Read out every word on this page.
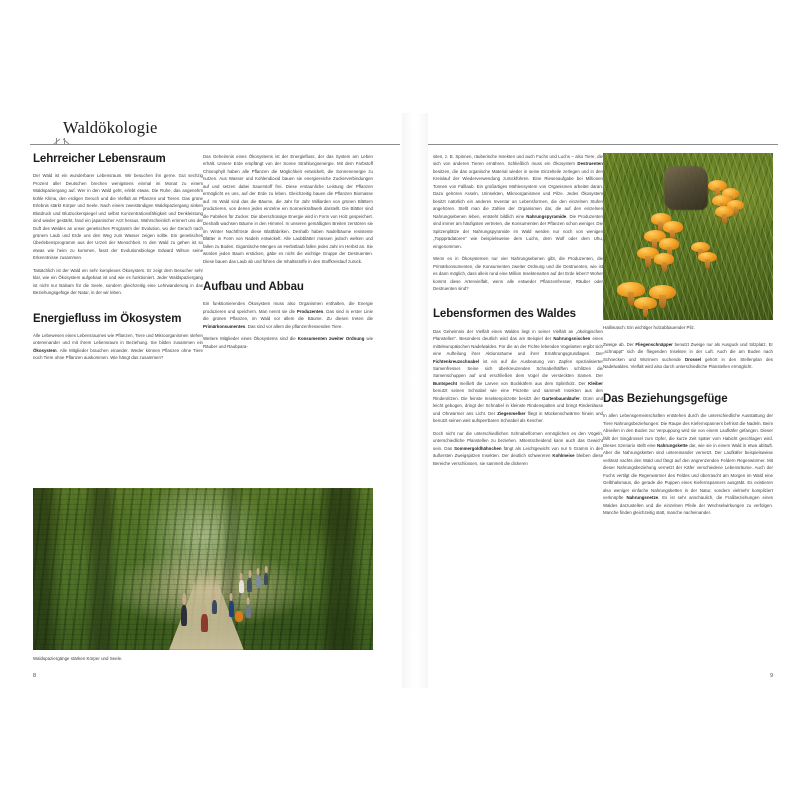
Waldökologie
Lehrreicher Lebensraum

Der Wald ist ein wunderbarer Lebensraum. Wir besuchen ihn gerne. Gut sechzig Prozent aller Deutschen brechen wenigstens einmal im Monat zu einem Waldspaziergang auf. Wer in den Wald geht, erlebt etwas. Die Ruhe, das angenehm kühle Klima, den erdigen Geruch und die Vielfalt an Pflanzen und Tieren. Das grüne Erlebnis stärkt Körper und Seele. Nach einem zweistündigen Waldspaziergang sinken Blutdruck und Blutzuckerspiegel und selbst Konzentrationsfähigkeit und Denkleistung sind wieder gestärkt, fand ein japanischer Arzt heraus. Wahrscheinlich erinnert uns der Duft des Waldes an unser genetisches Programm der Evolution, wo der Geruch nach grünem Laub und Erde uns den Weg zum Wasser zeigen sollte. Ein genetisches Überlebensprogramm aus der Urzeit der Menschheit. In den Wald zu gehen ist so etwas wie heim zu kommen, fasst der Evolutionsbiologe Edward Wilson seine Erkenntnisse zusammen.

Tatsächlich ist der Wald ein sehr komplexes Ökosystem. Er zeigt dem Besucher sehr klar, wie ein Ökosystem aufgebaut ist und wie es funktioniert. Jeder Waldspaziergang ist nicht nur Balsam für die Seele, sondern gleichzeitig eine Lehrwanderung in das Beziehungsgefüge der Natur, in der wir leben.

Energiefluss im Ökosystem

Alle Lebewesen eines Lebensraumes wie Pflanzen, Tiere und Mikroorganismen stehen untereinander und mit ihrem Lebensraum in Beziehung. Sie bilden zusammen ein Ökosystem. Alle Mitglieder brauchen einander. Weder können Pflanzen ohne Tiere noch Tiere ohne Pflanzen auskommen. Wie hängt das zusammen?

Das Geheimnis eines Ökosystems ist der Energiefluss, der das System am Leben erhält. Unsere Erde empfängt von der Sonne Strahlungsenergie. Mit dem Farbstoff Chlorophyll haben alle Pflanzen die Möglichkeit entwickelt, die Sonnenenergie zu nutzen. Aus Wasser und Kohlendioxid bauen sie energiereiche Zuckerverbindungen auf und setzen dabei Sauerstoff frei. Diese erstaunliche Leistung der Pflanzen ermöglicht es uns, auf der Erde zu leben. Gleichzeitig bauen die Pflanzen Biomasse auf. Im Wald sind das die Bäume, die Jahr für Jahr Milliarden von grünen Blättern produzieren, von denen jedes einzelne ein Sonnenkraftwerk darstellt. Die Blätter sind die Fabriken für Zucker. Die überschüssige Energie wird in Form von Holz gespeichert. Deshalb wachsen Bäume in den Himmel. In unseren gemäßigten Breiten zerstören sie im Winter Nachtfröste diese Blattfabriken. Deshalb haben Nadelbäume resistente Blätter in Form von Nadeln entwickelt. Alle Laubblätter müssen jedoch welken und fallen zu Boden. Gigantische Mengen an Herbstlaub fallen jedes Jahr im Herbst an. Sie würden jeden Baum ersticken, gäbe es nicht die wichtige Gruppe der Destruenten. Diese bauen das Laub ab und führen die Inhaltsstoffe in den Stoffkreislauf zurück.

Aufbau und Abbau

Ein funktionierendes Ökosystem muss also Organismen enthalten, die Energie produzieren und speichern. Man nennt sie die Produzenten. Das sind in erster Linie die grünen Pflanzen, im Wald vor allem die Bäume. Zu diesen treten die Primärkonsumenten. Das sind vor allem die pflanzenfressenden Tiere.

Weitere Mitglieder eines Ökosystems sind die Konsumenten zweiter Ordnung wie Räuber und Raubpara-

siten, z. B. Spinnen, räuberische Insekten und auch Fuchs und Luchs – also Tiere, die sich von anderen Tieren ernähren. Schließlich muss ein Ökosystem Destruenten besitzen, die das organische Material wieder in seine Einzelteile zerlegen und in den Kreislauf der Wiederverwendung zurückführen. Eine Riesenaufgabe bei Millionen Tonnen von Falllaub. Ein großartiges Mühlensystem von Organismen arbeitet daran. Dazu gehören Asseln, Urinsekten, Mikroorganismen und Pilze. Jedes Ökosystem besitzt natürlich ein anderes Inventar an Lebensformen, die den einzelnen Stufen angehören. Stellt man die Zahlen der Organismen dar, die auf den einzelnen Nahrungsebenen leben, entsteht bildlich eine Nahrungspyramide. Die Produzenten sind immer am häufigsten vertreten, die Konsumenten der Pflanzen schon weniger. Die Spitzenplätze der Nahrungspyramide im Wald werden nur noch von wenigen „Toppprädatoren“ wie beispielsweise dem Luchs, dem Wolf oder dem Uhu, eingenommen.

Wenn es in Ökosystemen nur vier Nahrungsebenen gibt, die Produzenten, die Primärkonsumenten, die Konsumenten zweiter Ordnung und die Destruenten, wie ist es dann möglich, dass allein rund eine Million Insektenarten auf der Erde leben? Woher kommt diese Artenvielfalt, wenn alle entweder Pflanzenfresser, Räuber oder Destruenten sind?

Lebensformen des Waldes

Das Geheimnis der Vielfalt eines Waldes liegt in seiner Vielfalt an „ökologischen Planstellen“. Besonders deutlich wird das am Beispiel der Nahrungsnischen eines mitteleuropäischen Nadelwaldes. Für die an der Fichte lebenden Vogelarten ergibt sich eine Aufteilung ihrer Aktionsräume und ihrer Ernährungsgrundlagen. Der Fichtenkreuzschnabel ist ein auf die Ausbeutung von Zapfen spezialisierter Samenfresser. Seine sich überkreuzenden Schnabelhälften schlitzen die Samenschuppen auf und erschließen dem Vogel die versteckten Samen. Der Buntspecht meißelt die Larven von Bockkäfern aus dem Splintholz. Der Kleiber benutzt seinen Schnabel wie eine Pinzette und sammelt Insekten aus den Rindenritzen. Die feinste Insektenpinzette besitzt der Gartenbaumläufer. Dünn und leicht gebogen, dringt der Schnabel in kleinste Rindenspalten und bringt Rindenläuse und Ohrwürmer ans Licht. Der Ziegenmelker fliegt in Mückenschwärme hinein und benutzt seinen weit aufsperrbaren Schnabel als Kescher.

Doch nicht nur die unterschiedlichen Schnabelformen ermöglichen es den Vögeln, unterschiedliche Planstellen zu beziehen. Mitentscheidend kann auch das Gewicht sein. Das Sommergoldhähnchen fängt als Leichtgewicht von nur 5 Gramm in den äußersten Zweigspitzen Insekten. Der deutlich schwereren Kohlmeise bleiben diese Bereiche verschlossen, sie sammelt die dickeren

Zweige ab. Der Fliegenschnäpper benutzt Zweige nur als Ausguck und Sitzplatz. Er „schnappt“ sich die fliegenden Insekten in der Luft. Auch die am Boden nach Schnecken und Würmern suchende Drossel gehört in den Stellenplan des Nadelwaldes. Vielfalt wird also durch unterschiedliche Planstellen ermöglicht.

Das Beziehungsgefüge

In allen Lebensgemeinschaften entstehen durch die unterschiedliche Ausstattung der Tiere Nahrungsbeziehungen: Die Raupe des Kiefernspanners befrisst die Nadeln. Beim Abseilen in den Boden zur Verpuppung wird sie von einem Laufkäfer gefangen. Dieser fällt der Singdrossel zum Opfer, die kurze Zeit später vom Habicht geschlagen wird. Dieses Szenario stellt eine Nahrungskette dar, wie sie in einem Wald in etwa abläuft. Aber die Nahrungsketten sind untereinander vernetzt. Der Laufkäfer beispielsweise verlässt nachts den Wald und fängt auf den angrenzenden Feldern Regenwürmer. Mit dieser Nahrungsbeziehung vernetzt der Käfer verschiedene Lebensräume. Auch der Fuchs vertilgt die Regenwürmer des Feldes und überrascht am Morgen im Wald eine Gelbhalsmaus, die gerade die Puppen eines Kiefernspanners ausgräbt. Es existieren also weniger einfache Nahrungsketten in der Natur, sondern vielmehr kompliziert verknüpfte Nahrungsnetze. Es ist sehr anschaulich, die Fraßbeziehungen eines Waldes darzustellen und die einzelnen Pfeile der Wechselwirkungen zu verfolgen. Manche finden gleichzeitig statt, manche nacheinander.

Waldspaziergänge stärken Körper und Seele.
Hallimasch: Ein wichtiger holzabbauender Pilz.
8	9
